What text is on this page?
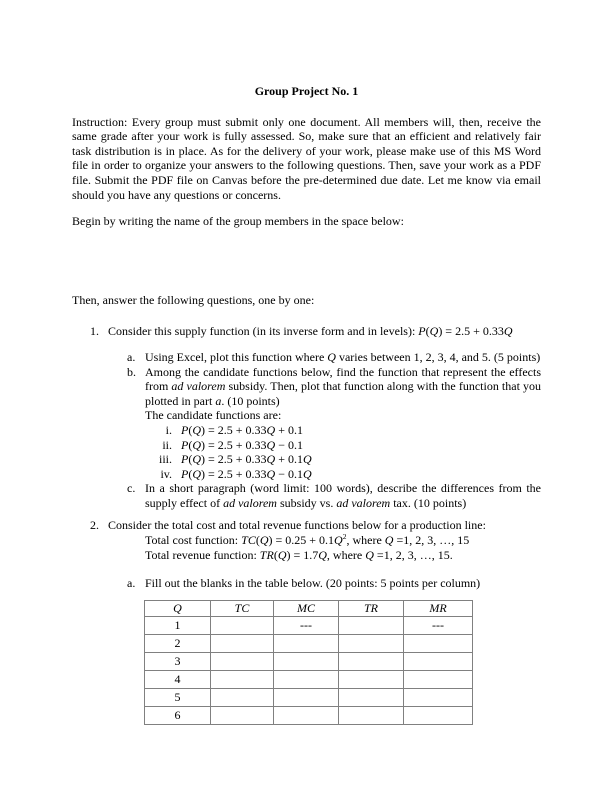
Group Project No. 1

Instruction: Every group must submit only one document. All members will, then, receive the same grade after your work is fully assessed. So, make sure that an efficient and relatively fair task distribution is in place. As for the delivery of your work, please make use of this MS Word file in order to organize your answers to the following questions. Then, save your work as a PDF file. Submit the PDF file on Canvas before the pre-determined due date. Let me know via email should you have any questions or concerns.

Begin by writing the name of the group members in the space below:

Then, answer the following questions, one by one:

1. Consider this supply function (in its inverse form and in levels): P(Q) = 2.5 + 0.33Q
a. Using Excel, plot this function where Q varies between 1, 2, 3, 4, and 5. (5 points)
b. Among the candidate functions below, find the function that represent the effects from ad valorem subsidy. Then, plot that function along with the function that you plotted in part a. (10 points)
The candidate functions are:
i. P(Q) = 2.5 + 0.33Q + 0.1
ii. P(Q) = 2.5 + 0.33Q − 0.1
iii. P(Q) = 2.5 + 0.33Q + 0.1Q
iv. P(Q) = 2.5 + 0.33Q − 0.1Q
c. In a short paragraph (word limit: 100 words), describe the differences from the supply effect of ad valorem subsidy vs. ad valorem tax. (10 points)
2. Consider the total cost and total revenue functions below for a production line:
Total cost function: $TC(Q) = 0.25 + 0.1Q^2$, where Q =1, 2, 3, …, 15
Total revenue function: TR(Q) = 1.7Q, where Q =1, 2, 3, …, 15.
a. Fill out the blanks in the table below. (20 points: 5 points per column)
Q	TC	MC	TR	MR
1		---		---
2				
3				
4				
5				
6				
